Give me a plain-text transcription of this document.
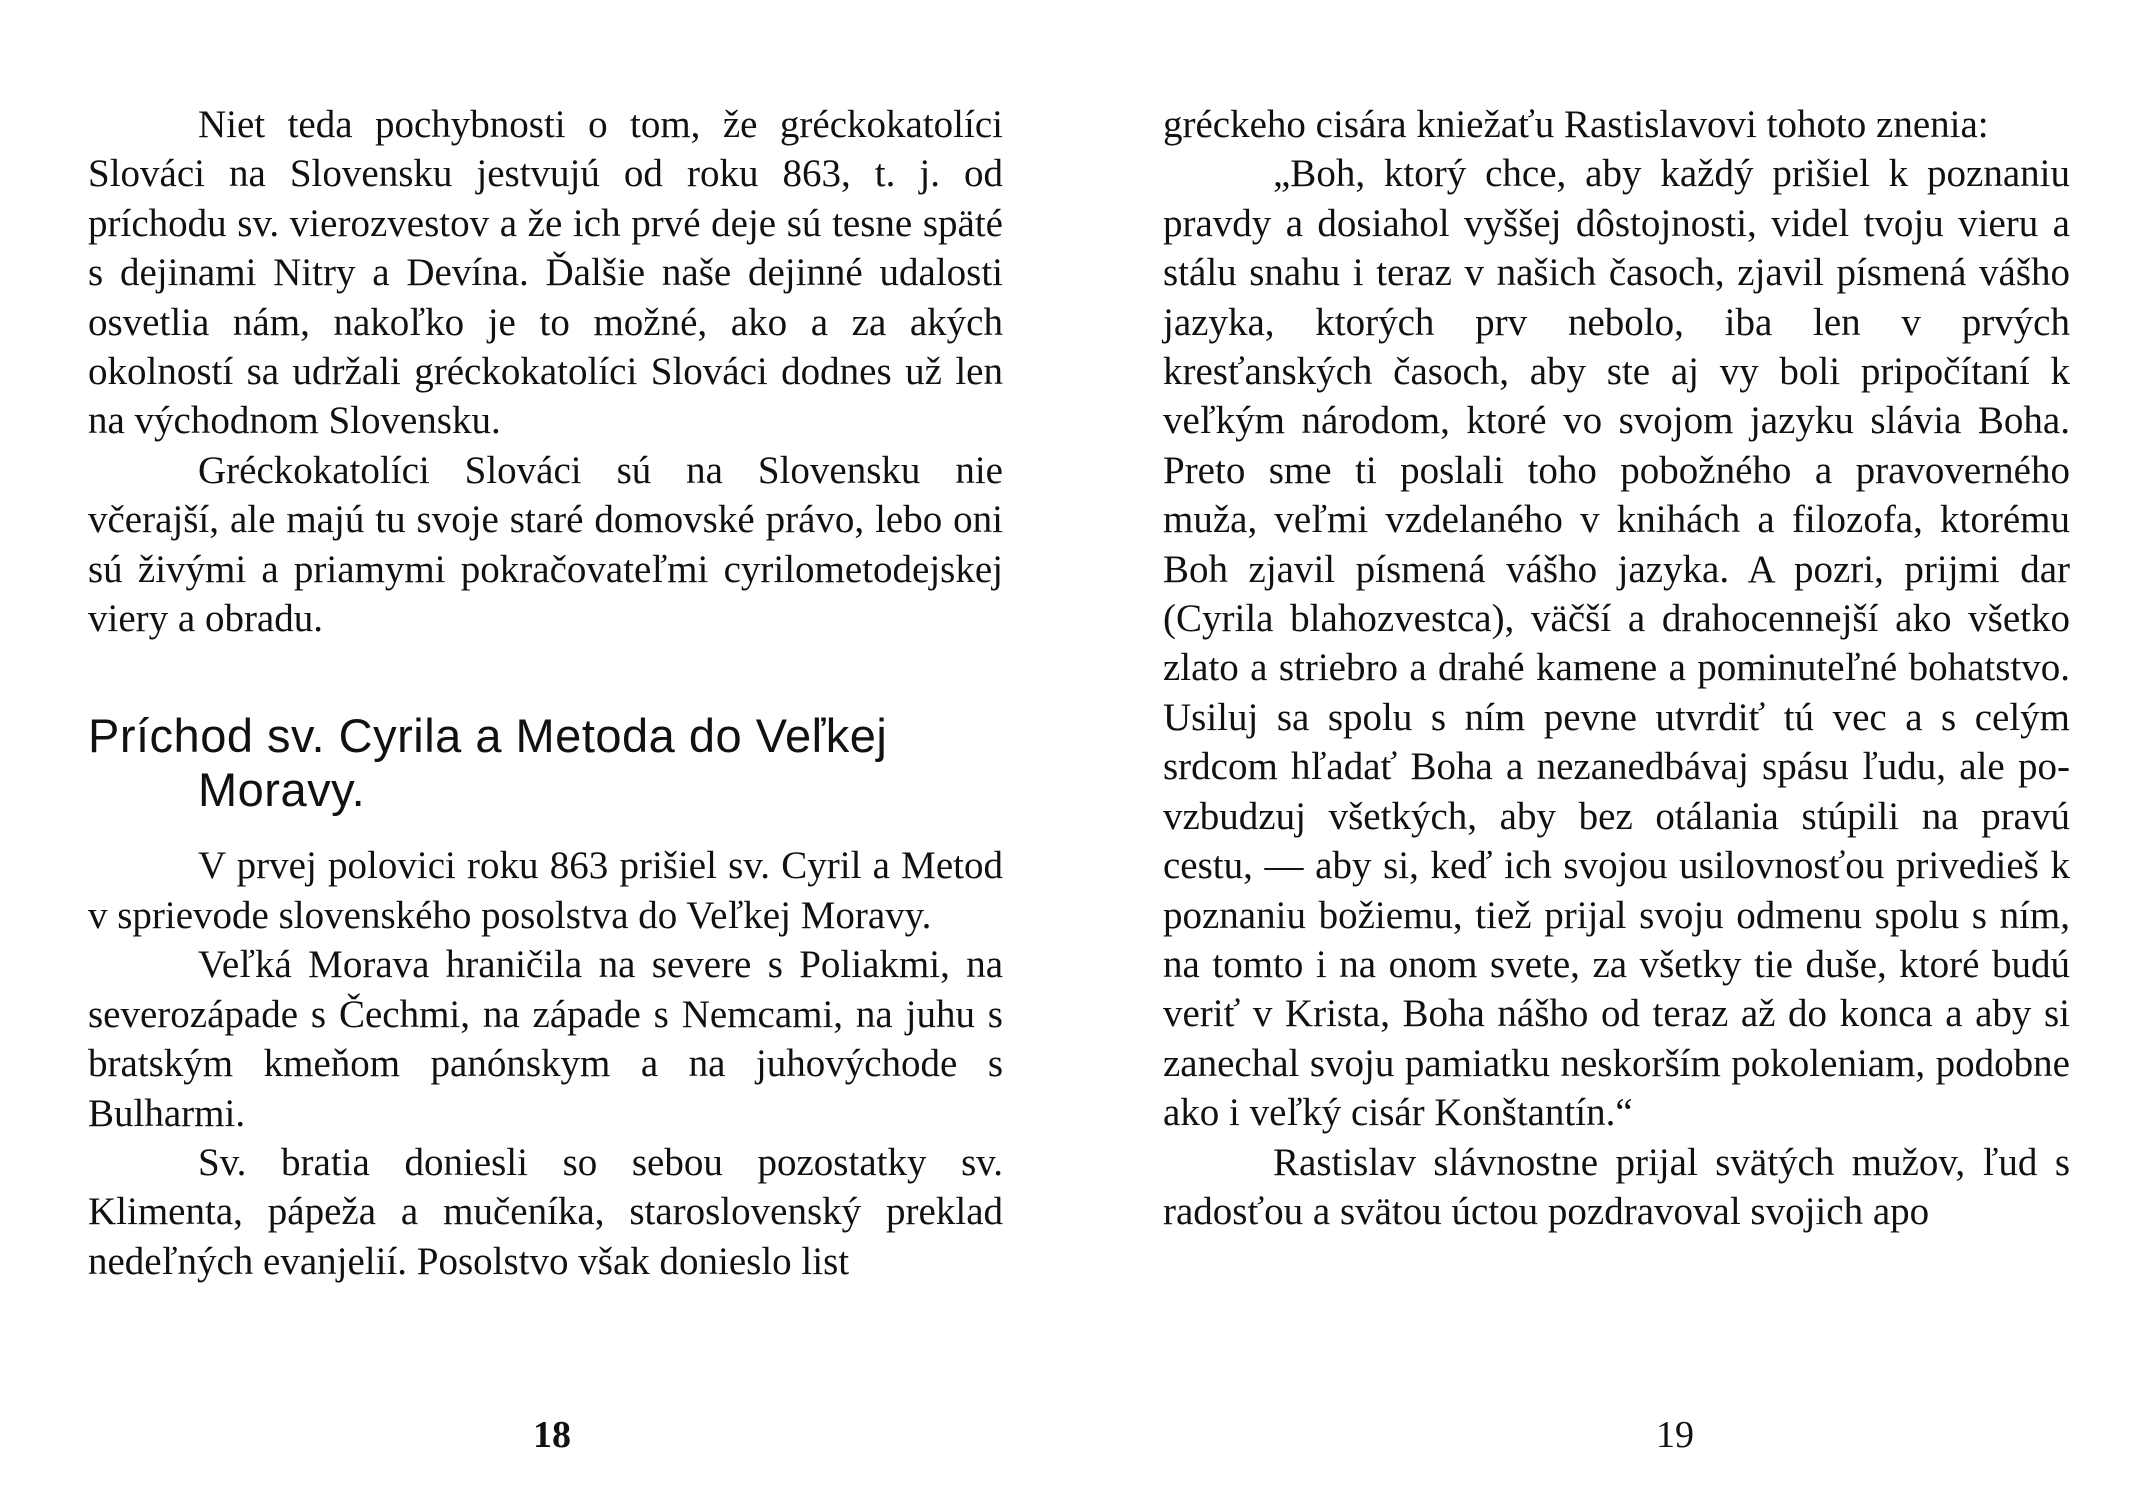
Niet teda pochybnosti o tom, že gréckokatolíci Slováci na Slovensku jestvujú od roku 863, t. j. od príchodu sv. vierozvestov a že ich prvé deje sú tesne späté s dejinami Nitry a Devína. Ďalšie naše dejinné udalosti osvetlia nám, nakoľko je to možné, ako a za akých okolností sa udržali gréckokatolíci Slováci dodnes už len na východnom Slovensku.

Gréckokatolíci Slováci sú na Slovensku nie včerajší, ale majú tu svoje staré domovské právo, lebo oni sú živými a priamymi pokračovateľmi cyrilometodejskej viery a obradu.

Príchod sv. Cyrila a Metoda do Veľkej Moravy.

V prvej polovici roku 863 prišiel sv. Cyril a Metod v sprievode slovenského posolstva do Veľkej Moravy.

Veľká Morava hraničila na severe s Poliakmi, na severozápade s Čechmi, na západe s Nemcami, na juhu s bratským kmeňom panónskym a na juhovýchode s Bulharmi.

Sv. bratia doniesli so sebou pozostatky sv. Klimenta, pápeža a mučeníka, staroslovenský preklad nedeľných evanjelií. Posolstvo však donieslo list

18

gréckeho cisára kniežaťu Rastislavovi tohoto znenia:

„Boh, ktorý chce, aby každý prišiel k poznaniu pravdy a dosiahol vyššej dôstojnosti, videl tvoju vieru a stálu snahu i teraz v našich časoch, zjavil písmená vášho jazyka, ktorých prv nebolo, iba len v prvých kresťanských časoch, aby ste aj vy boli pripočítaní k veľkým národom, ktoré vo svojom jazyku slávia Boha. Preto sme ti poslali toho pobožného a pravoverného muža, veľmi vzdelaného v knihách a filozofa, ktorému Boh zjavil písmená vášho jazyka. A pozri, prijmi dar (Cyrila blahozvestca), väčší a drahocennejší ako všetko zlato a striebro a drahé kamene a pominuteľné bohatstvo. Usiluj sa spolu s ním pevne utvrdiť tú vec a s celým srdcom hľadať Boha a nezanedbávaj spásu ľudu, ale povzbudzuj všetkých, aby bez otálania stúpili na pravú cestu, — aby si, keď ich svojou usilovnosťou privedieš k poznaniu božiemu, tiež prijal svoju odmenu spolu s ním, na tomto i na onom svete, za všetky tie duše, ktoré budú veriť v Krista, Boha nášho od teraz až do konca a aby si zanechal svoju pamiatku neskorším pokoleniam, podobne ako i veľký cisár Konštantín.“

Rastislav slávnostne prijal svätých mužov, ľud s radosťou a svätou úctou pozdravoval svojich apo

19
